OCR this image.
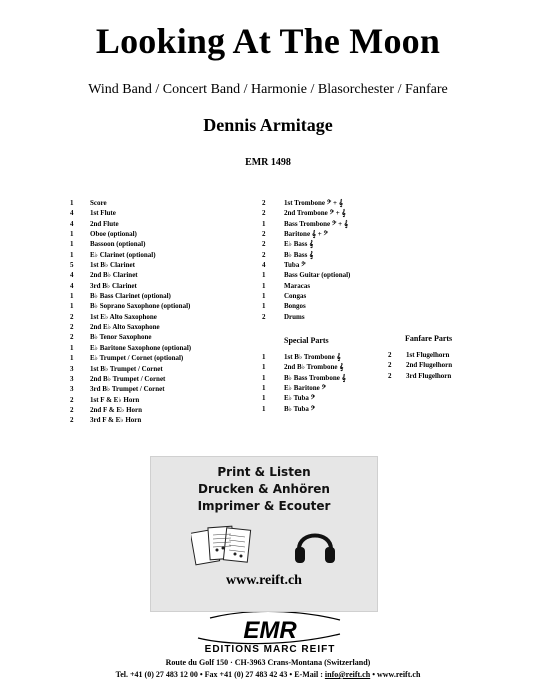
Looking At The Moon
Wind Band / Concert Band / Harmonie / Blasorchester / Fanfare
Dennis Armitage
EMR 1498
1 Score
4 1st Flute
4 2nd Flute
1 Oboe (optional)
1 Bassoon (optional)
1 E♭ Clarinet (optional)
5 1st B♭ Clarinet
4 2nd B♭ Clarinet
4 3rd B♭ Clarinet
1 B♭ Bass Clarinet (optional)
1 B♭ Soprano Saxophone (optional)
2 1st E♭ Alto Saxophone
2 2nd E♭ Alto Saxophone
2 B♭ Tenor Saxophone
1 E♭ Baritone Saxophone (optional)
1 E♭ Trumpet / Cornet (optional)
3 1st B♭ Trumpet / Cornet
3 2nd B♭ Trumpet / Cornet
3 3rd B♭ Trumpet / Cornet
2 1st F & E♭ Horn
2 2nd F & E♭ Horn
2 3rd F & E♭ Horn
2	1st Trombone 𝄢 + 𝄞
2	2nd Trombone 𝄢 + 𝄞
1	Bass Trombone 𝄢 + 𝄞
2	Baritone 𝄞 + 𝄢
2	E♭ Bass 𝄞
2	B♭ Bass 𝄞
4	Tuba 𝄢
1	Bass Guitar (optional)
1	Maracas
1	Congas
1	Bongos
2	Drums
Special Parts
1	1st B♭ Trombone 𝄞
1	2nd B♭ Trombone 𝄞
1	B♭ Bass Trombone 𝄞
1	E♭ Baritone 𝄢
1	E♭ Tuba 𝄢
1	B♭ Tuba 𝄢
Fanfare Parts
2 1st Flugelhorn
2 2nd Flugelhorn
2 3rd Flugelhorn
Print & Listen
Drucken & Anhören
Imprimer & Ecouter
www.reift.ch
EMR
EDITIONS MARC REIFT
Route du Golf 150 · CH-3963 Crans-Montana (Switzerland)
Tel. +41 (0) 27 483 12 00 • Fax +41 (0) 27 483 42 43 • E-Mail : info@reift.ch • www.reift.ch
